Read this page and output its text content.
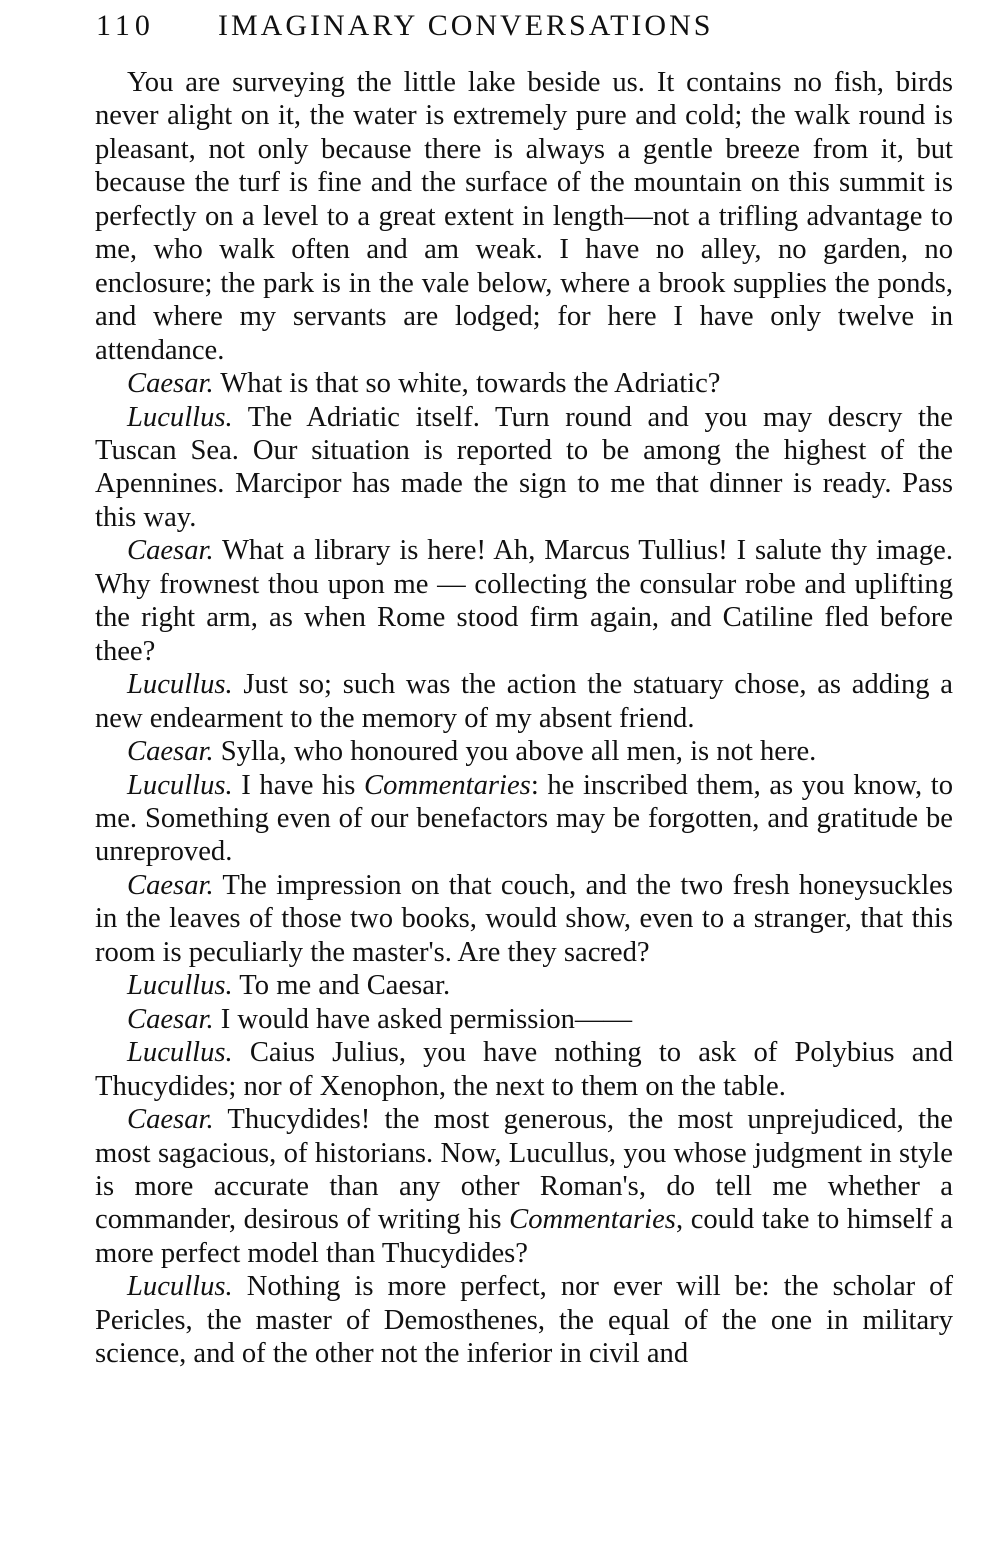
110 IMAGINARY CONVERSATIONS

You are surveying the little lake beside us. It contains no fish, birds never alight on it, the water is extremely pure and cold; the walk round is pleasant, not only because there is always a gentle breeze from it, but because the turf is fine and the surface of the mountain on this summit is perfectly on a level to a great extent in length—not a trifling advantage to me, who walk often and am weak. I have no alley, no garden, no enclosure; the park is in the vale below, where a brook supplies the ponds, and where my servants are lodged; for here I have only twelve in attendance.

Caesar. What is that so white, towards the Adriatic?

Lucullus. The Adriatic itself. Turn round and you may descry the Tuscan Sea. Our situation is reported to be among the highest of the Apennines. Marcipor has made the sign to me that dinner is ready. Pass this way.

Caesar. What a library is here! Ah, Marcus Tullius! I salute thy image. Why frownest thou upon me — collecting the consular robe and uplifting the right arm, as when Rome stood firm again, and Catiline fled before thee?

Lucullus. Just so; such was the action the statuary chose, as adding a new endearment to the memory of my absent friend.

Caesar. Sylla, who honoured you above all men, is not here.

Lucullus. I have his Commentaries: he inscribed them, as you know, to me. Something even of our benefactors may be forgotten, and gratitude be unreproved.

Caesar. The impression on that couch, and the two fresh honeysuckles in the leaves of those two books, would show, even to a stranger, that this room is peculiarly the master's. Are they sacred?

Lucullus. To me and Caesar.

Caesar. I would have asked permission——

Lucullus. Caius Julius, you have nothing to ask of Polybius and Thucydides; nor of Xenophon, the next to them on the table.

Caesar. Thucydides! the most generous, the most unprejudiced, the most sagacious, of historians. Now, Lucullus, you whose judgment in style is more accurate than any other Roman's, do tell me whether a commander, desirous of writing his Commentaries, could take to himself a more perfect model than Thucydides?

Lucullus. Nothing is more perfect, nor ever will be: the scholar of Pericles, the master of Demosthenes, the equal of the one in military science, and of the other not the inferior in civil and
